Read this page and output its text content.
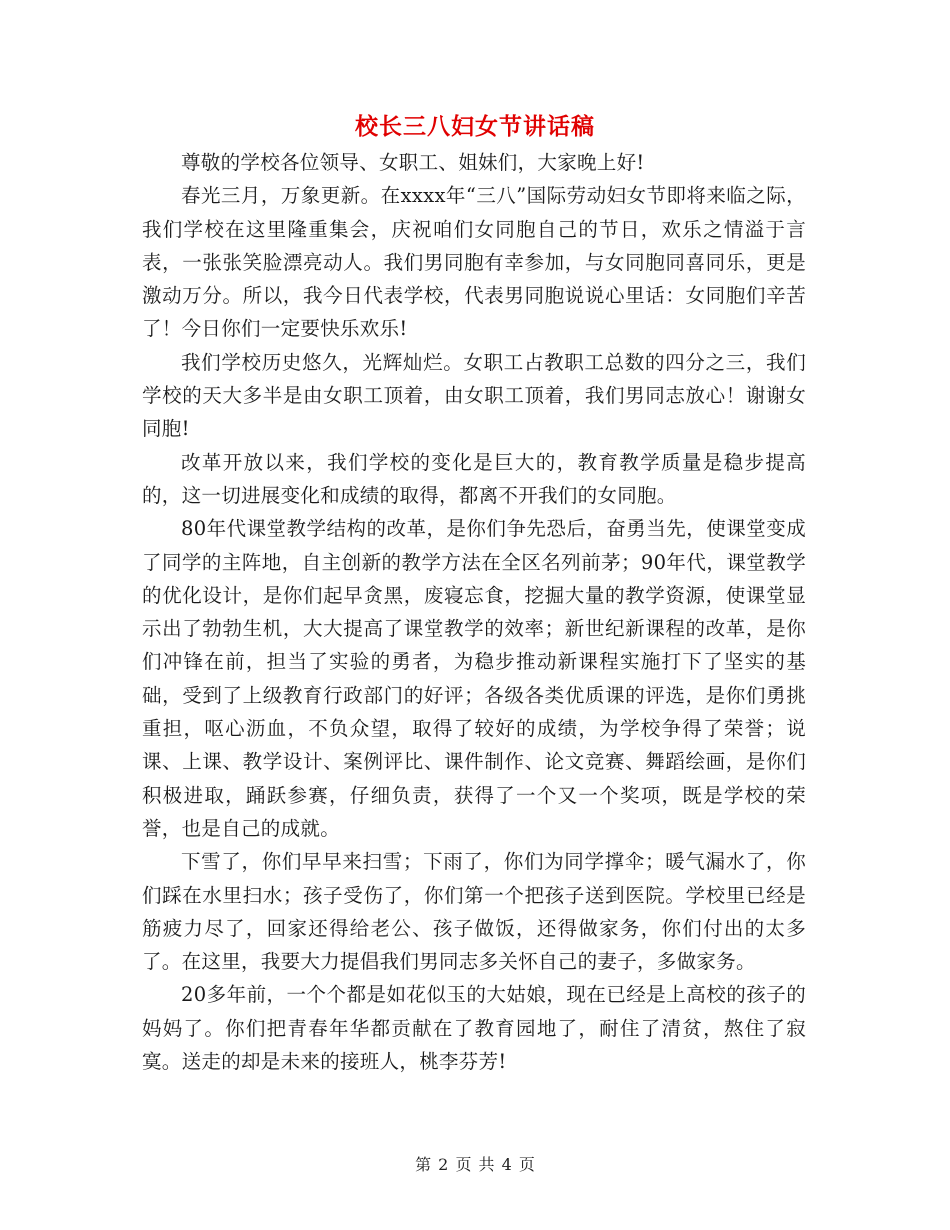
校长三八妇女节讲话稿

尊敬的学校各位领导、女职工、姐妹们，大家晚上好!

春光三月，万象更新。在xxxx年“三八”国际劳动妇女节即将来临之际，我们学校在这里隆重集会，庆祝咱们女同胞自己的节日，欢乐之情溢于言表，一张张笑脸漂亮动人。我们男同胞有幸参加，与女同胞同喜同乐，更是激动万分。所以，我今日代表学校，代表男同胞说说心里话：女同胞们辛苦了！今日你们一定要快乐欢乐!

我们学校历史悠久，光辉灿烂。女职工占教职工总数的四分之三，我们学校的天大多半是由女职工顶着，由女职工顶着，我们男同志放心！谢谢女同胞!

改革开放以来，我们学校的变化是巨大的，教育教学质量是稳步提高的，这一切进展变化和成绩的取得，都离不开我们的女同胞。

80年代课堂教学结构的改革，是你们争先恐后，奋勇当先，使课堂变成了同学的主阵地，自主创新的教学方法在全区名列前茅；90年代，课堂教学的优化设计，是你们起早贪黑，废寝忘食，挖掘大量的教学资源，使课堂显示出了勃勃生机，大大提高了课堂教学的效率；新世纪新课程的改革，是你们冲锋在前，担当了实验的勇者，为稳步推动新课程实施打下了坚实的基础，受到了上级教育行政部门的好评；各级各类优质课的评选，是你们勇挑重担，呕心沥血，不负众望，取得了较好的成绩，为学校争得了荣誉；说课、上课、教学设计、案例评比、课件制作、论文竞赛、舞蹈绘画，是你们积极进取，踊跃参赛，仔细负责，获得了一个又一个奖项，既是学校的荣誉，也是自己的成就。

下雪了，你们早早来扫雪；下雨了，你们为同学撑伞；暖气漏水了，你们踩在水里扫水；孩子受伤了，你们第一个把孩子送到医院。学校里已经是筋疲力尽了，回家还得给老公、孩子做饭，还得做家务，你们付出的太多了。在这里，我要大力提倡我们男同志多关怀自己的妻子，多做家务。

20多年前，一个个都是如花似玉的大姑娘，现在已经是上高校的孩子的妈妈了。你们把青春年华都贡献在了教育园地了，耐住了清贫，熬住了寂寞。送走的却是未来的接班人，桃李芬芳!

第 2 页 共 4 页
